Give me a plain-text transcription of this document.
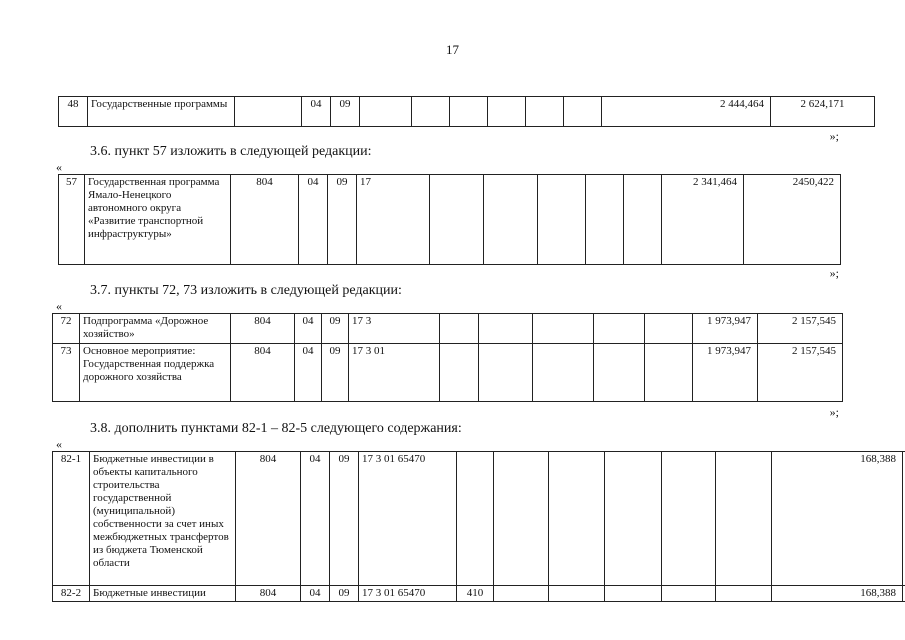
17
48	Государственные программы		04	09							2 444,464	2 624,171
»;
3.6. пункт 57 изложить в следующей редакции:
«
57	Государственная программа Ямало-Ненецкого автономного округа «Развитие транспортной инфраструктуры»	804	04	09	17						2 341,464	2450,422
»;
3.7. пункты 72, 73 изложить в следующей редакции:
«
72	Подпрограмма «Дорожное хозяйство»	804	04	09	17 3						1 973,947	2 157,545
73	Основное мероприятие: Государственная поддержка дорожного хозяйства	804	04	09	17 3 01						1 973,947	2 157,545
»;
3.8. дополнить пунктами 82-1 – 82-5 следующего содержания:
«
82-1	Бюджетные инвестиции в объекты капитального строительства государственной (муниципальной) собственности за счет иных межбюджетных трансфертов из бюджета Тюменской области	804	04	09	17 3 01 65470							168,388	
82-2	Бюджетные инвестиции	804	04	09	17 3 01 65470	410						168,388	
